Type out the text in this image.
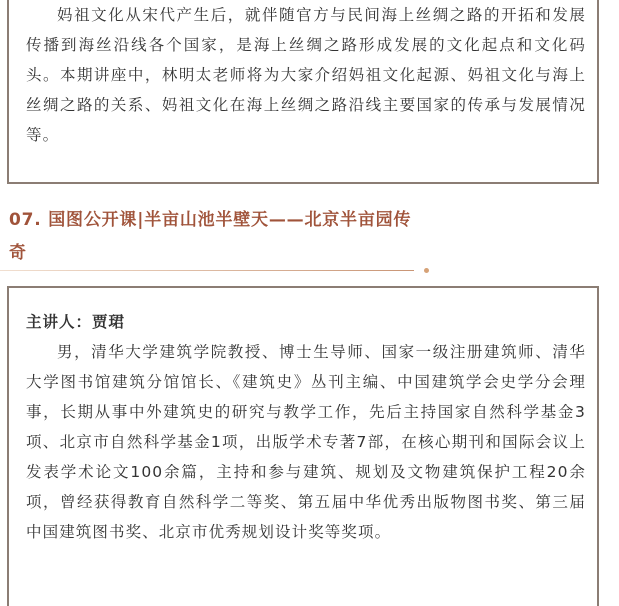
妈祖文化从宋代产生后，就伴随官方与民间海上丝绸之路的开拓和发展传播到海丝沿线各个国家，是海上丝绸之路形成发展的文化起点和文化码头。本期讲座中，林明太老师将为大家介绍妈祖文化起源、妈祖文化与海上丝绸之路的关系、妈祖文化在海上丝绸之路沿线主要国家的传承与发展情况等。

07. 国图公开课|半亩山池半壁天——北京半亩园传奇
主讲人：贾珺

男，清华大学建筑学院教授、博士生导师、国家一级注册建筑师、清华大学图书馆建筑分馆馆长、《建筑史》丛刊主编、中国建筑学会史学分会理事，长期从事中外建筑史的研究与教学工作，先后主持国家自然科学基金3项、北京市自然科学基金1项，出版学术专著7部，在核心期刊和国际会议上发表学术论文100余篇，主持和参与建筑、规划及文物建筑保护工程20余项，曾经获得教育自然科学二等奖、第五届中华优秀出版物图书奖、第三届中国建筑图书奖、北京市优秀规划设计奖等奖项。
